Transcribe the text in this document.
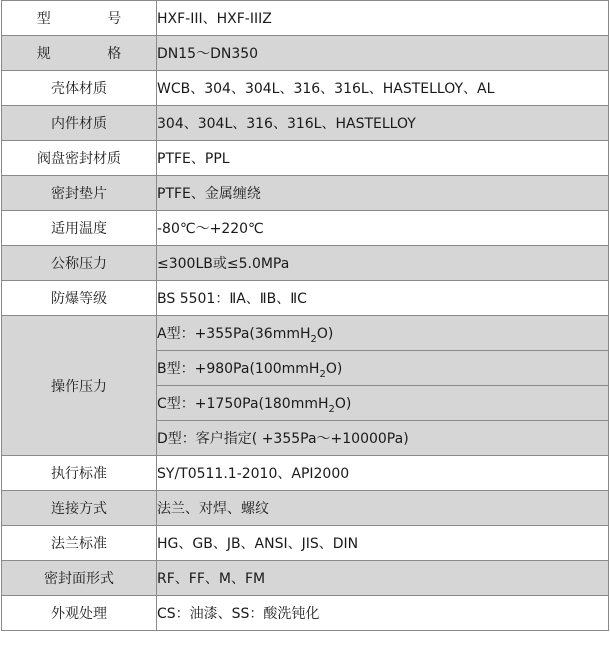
型 号	HXF-III、HXF-IIIZ
规 格	DN15～DN350
壳体材质	WCB、304、304L、316、316L、HASTELLOY、AL
内件材质	304、304L、316、316L、HASTELLOY
阀盘密封材质	PTFE、PPL
密封垫片	PTFE、金属缠绕
适用温度	-80℃～+220℃
公称压力	≤300LB或≤5.0MPa
防爆等级	BS 5501：ⅡA、ⅡB、ⅡC
操作压力	A型：+355Pa(36mmH$_2$O)
	B型：+980Pa(100mmH$_2$O)
	C型：+1750Pa(180mmH$_2$O)
	D型：客户指定( +355Pa～+10000Pa)
执行标准	SY/T0511.1-2010、API2000
连接方式	法兰、对焊、螺纹
法兰标准	HG、GB、JB、ANSI、JIS、DIN
密封面形式	RF、FF、M、FM
外观处理	CS：油漆、SS：酸洗钝化
